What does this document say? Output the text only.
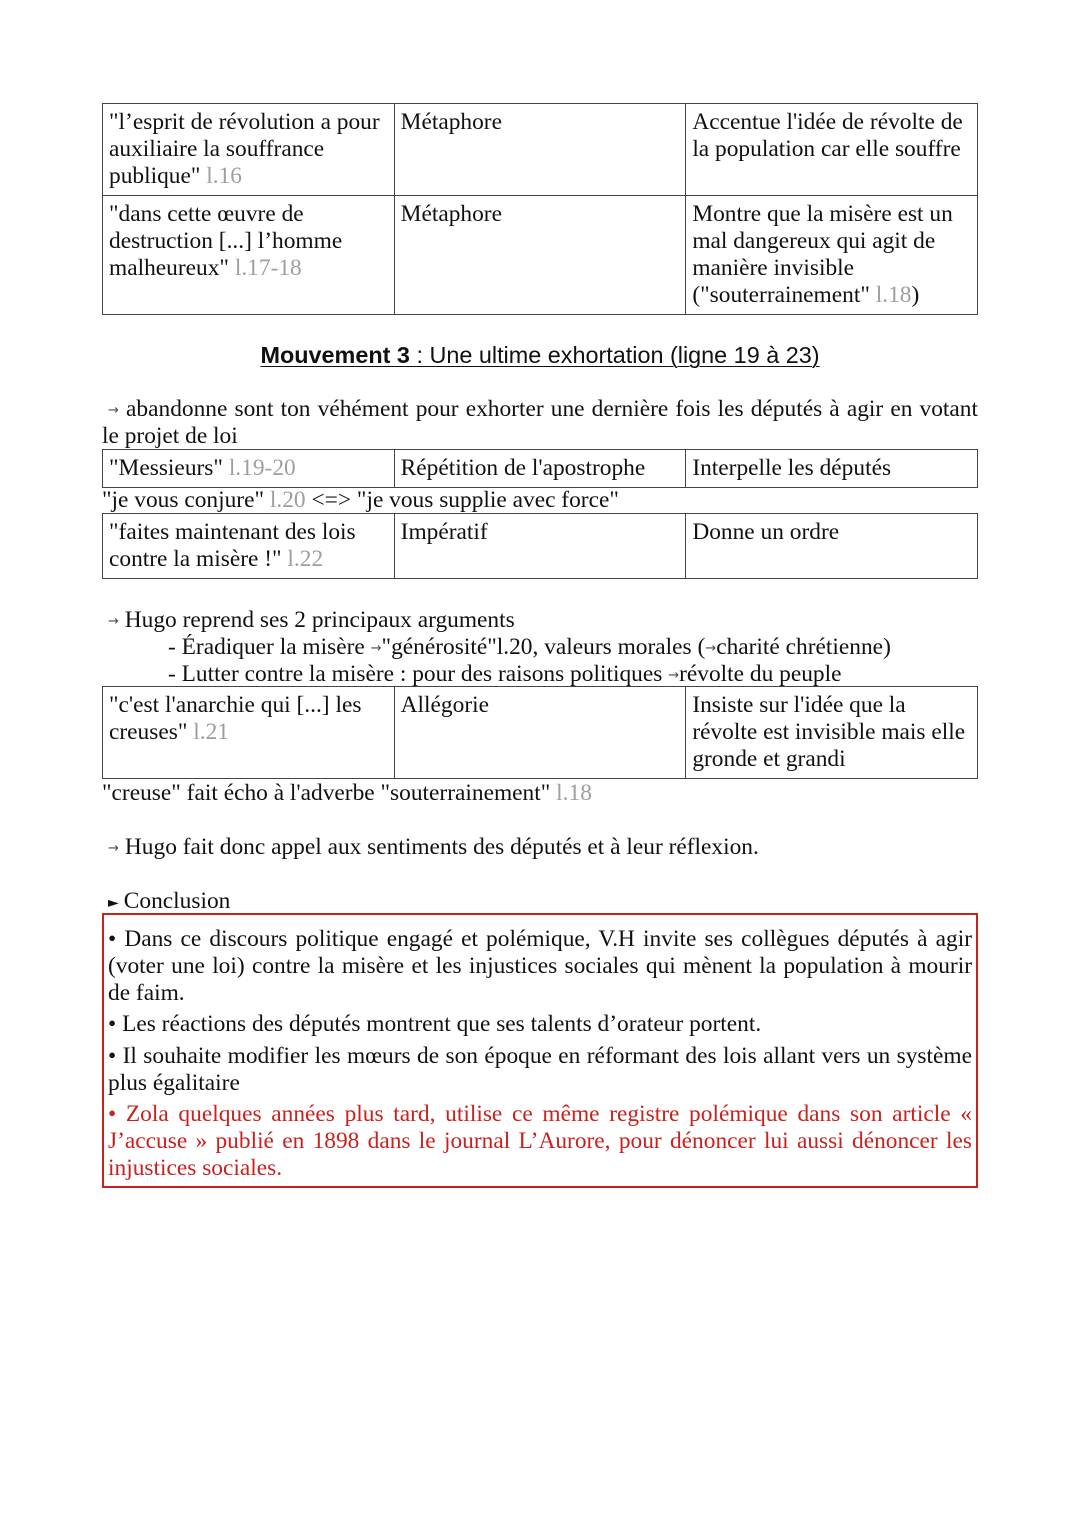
"l’esprit de révolution a pour auxiliaire la souffrance publique" l.16	Métaphore	Accentue l'idée de révolte de la population car elle souffre
"dans cette œuvre de destruction [...] l’homme malheureux" l.17-18	Métaphore	Montre que la misère est un mal dangereux qui agit de manière invisible ("souterrainement" l.18)
Mouvement 3 : Une ultime exhortation (ligne 19 à 23)
→ abandonne sont ton véhément pour exhorter une dernière fois les députés à agir en votant le projet de loi
"Messieurs" l.19-20	Répétition de l'apostrophe	Interpelle les députés
"je vous conjure" l.20 <=> "je vous supplie avec force"
"faites maintenant des lois contre la misère !" l.22	Impératif	Donne un ordre
→ Hugo reprend ses 2 principaux arguments
- Éradiquer la misère →"générosité"l.20, valeurs morales (→charité chrétienne)
- Lutter contre la misère : pour des raisons politiques →révolte du peuple
"c'est l'anarchie qui [...] les creuses" l.21	Allégorie	Insiste sur l'idée que la révolte est invisible mais elle gronde et grandi
"creuse" fait écho à l'adverbe "souterrainement" l.18
→ Hugo fait donc appel aux sentiments des députés et à leur réflexion.
► Conclusion

• Dans ce discours politique engagé et polémique, V.H invite ses collègues députés à agir (voter une loi) contre la misère et les injustices sociales qui mènent la population à mourir de faim.

• Les réactions des députés montrent que ses talents d’orateur portent.

• Il souhaite modifier les mœurs de son époque en réformant des lois allant vers un système plus égalitaire

• Zola quelques années plus tard, utilise ce même registre polémique dans son article « J’accuse » publié en 1898 dans le journal L’Aurore, pour dénoncer lui aussi dénoncer les injustices sociales.
